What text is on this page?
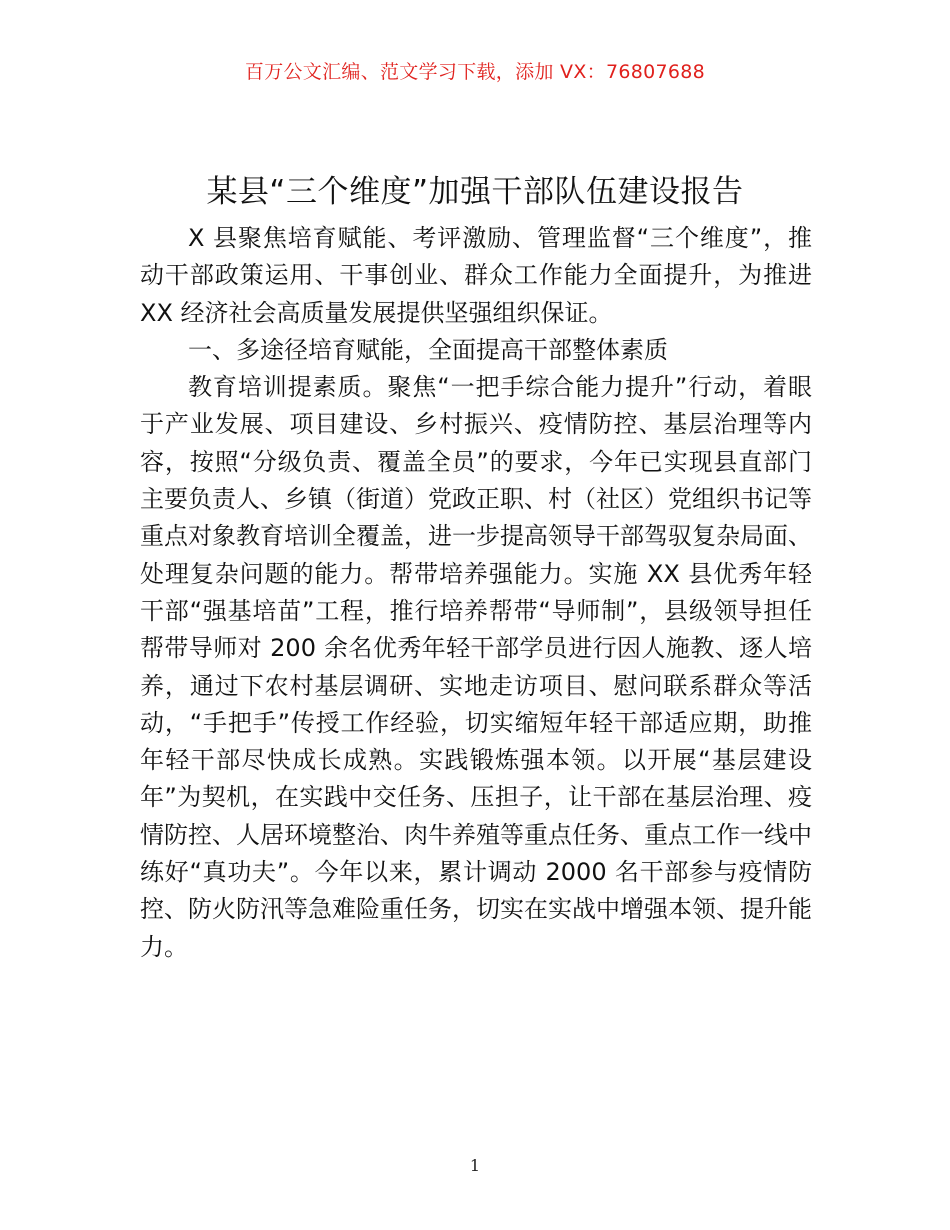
百万公文汇编、范文学习下载，添加 VX：76807688
某县“三个维度”加强干部队伍建设报告

X 县聚焦培育赋能、考评激励、管理监督“三个维度”，推动干部政策运用、干事创业、群众工作能力全面提升，为推进 XX 经济社会高质量发展提供坚强组织保证。

一、多途径培育赋能，全面提高干部整体素质

教育培训提素质。聚焦“一把手综合能力提升”行动，着眼于产业发展、项目建设、乡村振兴、疫情防控、基层治理等内容，按照“分级负责、覆盖全员”的要求，今年已实现县直部门主要负责人、乡镇（街道）党政正职、村（社区）党组织书记等重点对象教育培训全覆盖，进一步提高领导干部驾驭复杂局面、处理复杂问题的能力。帮带培养强能力。实施 XX 县优秀年轻干部“强基培苗”工程，推行培养帮带“导师制”，县级领导担任帮带导师对 200 余名优秀年轻干部学员进行因人施教、逐人培养，通过下农村基层调研、实地走访项目、慰问联系群众等活动，“手把手”传授工作经验，切实缩短年轻干部适应期，助推年轻干部尽快成长成熟。实践锻炼强本领。以开展“基层建设年”为契机，在实践中交任务、压担子，让干部在基层治理、疫情防控、人居环境整治、肉牛养殖等重点任务、重点工作一线中练好“真功夫”。今年以来，累计调动 2000 名干部参与疫情防控、防火防汛等急难险重任务，切实在实战中增强本领、提升能力。

1
